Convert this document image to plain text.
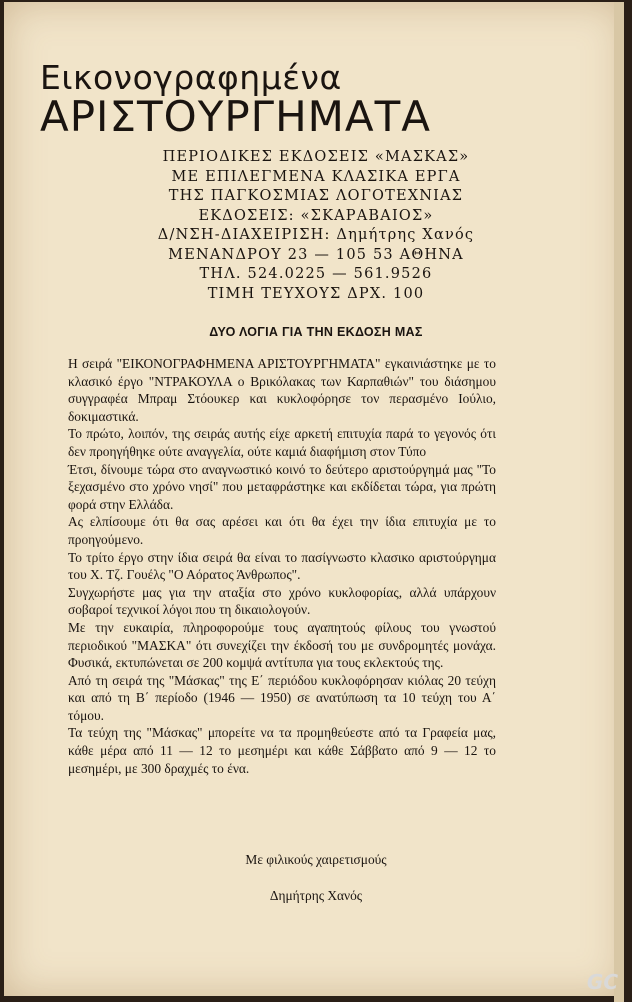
Εικονογραφημένα
ΑΡΙΣΤΟΥΡΓΗΜΑΤΑ
ΠΕΡΙΟΔΙΚΕΣ ΕΚΔΟΣΕΙΣ «ΜΑΣΚΑΣ»
ΜΕ ΕΠΙΛΕΓΜΕΝΑ ΚΛΑΣΙΚΑ ΕΡΓΑ
ΤΗΣ ΠΑΓΚΟΣΜΙΑΣ ΛΟΓΟΤΕΧΝΙΑΣ
ΕΚΔΟΣΕΙΣ: «ΣΚΑΡΑΒΑΙΟΣ»
Δ/ΝΣΗ-ΔΙΑΧΕΙΡΙΣΗ: Δημήτρης Χανός
ΜΕΝΑΝΔΡΟΥ 23 — 105 53 ΑΘΗΝΑ
ΤΗΛ. 524.0225 — 561.9526
ΤΙΜΗ ΤΕΥΧΟΥΣ ΔΡΧ. 100
ΔΥΟ ΛΟΓΙΑ ΓΙΑ ΤΗΝ ΕΚΔΟΣΗ ΜΑΣ

Η σειρά "ΕΙΚΟΝΟΓΡΑΦΗΜΕΝΑ ΑΡΙΣΤΟΥΡΓΗΜΑΤΑ" εγκαινιάστηκε με το κλασικό έργο "ΝΤΡΑΚΟΥΛΑ ο Βρικόλακας των Καρπαθιών" του διάσημου συγγραφέα Μπραμ Στόουκερ και κυκλοφόρησε τον περασμένο Ιούλιο, δοκιμαστικά.

Το πρώτο, λοιπόν, της σειράς αυτής είχε αρκετή επιτυχία παρά το γεγονός ότι δεν προηγήθηκε ούτε αναγγελία, ούτε καμιά διαφήμιση στον Τύπο

Έτσι, δίνουμε τώρα στο αναγνωστικό κοινό το δεύτερο αριστούργημά μας "Το ξεχασμένο στο χρόνο νησί" που μεταφράστηκε και εκδίδεται τώρα, για πρώτη φορά στην Ελλάδα.

Ας ελπίσουμε ότι θα σας αρέσει και ότι θα έχει την ίδια επιτυχία με το προηγούμενο.

Το τρίτο έργο στην ίδια σειρά θα είναι το πασίγνωστο κλασικο αριστούργημα του Χ. Τζ. Γουέλς "Ο Αόρατος Άνθρωπος".

Συγχωρήστε μας για την αταξία στο χρόνο κυκλοφορίας, αλλά υπάρχουν σοβαροί τεχνικοί λόγοι που τη δικαιολογούν.

Με την ευκαιρία, πληροφορούμε τους αγαπητούς φίλους του γνωστού περιοδικού "ΜΑΣΚΑ" ότι συνεχίζει την έκδοσή του με συνδρομητές μονάχα. Φυσικά, εκτυπώνεται σε 200 κομψά αντίτυπα για τους εκλεκτούς της.

Από τη σειρά της "Μάσκας" της Ε΄ περιόδου κυκλοφόρησαν κιόλας 20 τεύχη και από τη Β΄ περίοδο (1946 — 1950) σε ανατύπωση τα 10 τεύχη του Α΄ τόμου.

Τα τεύχη της "Μάσκας" μπορείτε να τα προμηθεύεστε από τα Γραφεία μας, κάθε μέρα από 11 — 12 το μεσημέρι και κάθε Σάββατο από 9 — 12 το μεσημέρι, με 300 δραχμές το ένα.

Με φιλικούς χαιρετισμούς
Δημήτρης Χανός
GC
